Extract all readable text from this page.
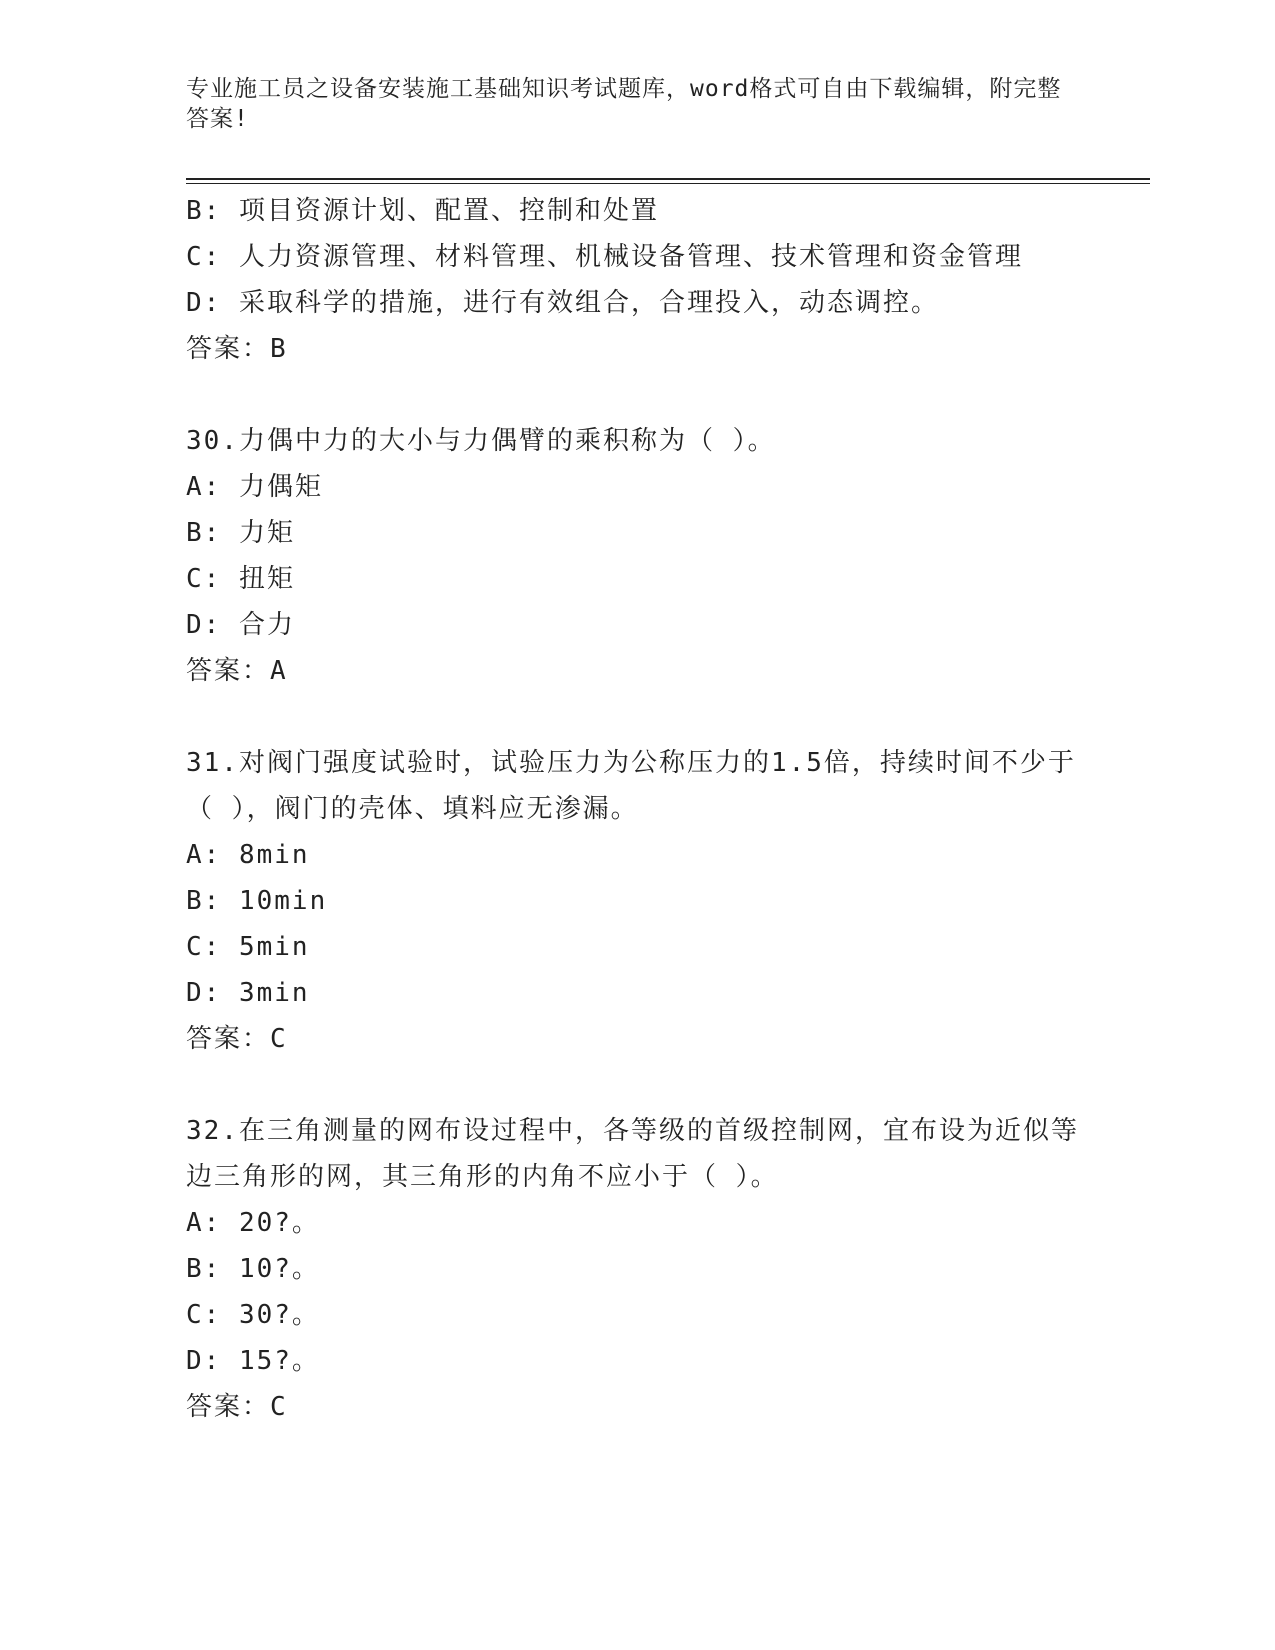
专业施工员之设备安装施工基础知识考试题库，word格式可自由下载编辑，附完整答案!
B: 项目资源计划、配置、控制和处置
C: 人力资源管理、材料管理、机械设备管理、技术管理和资金管理
D: 采取科学的措施，进行有效组合，合理投入，动态调控。
答案：B
30.力偶中力的大小与力偶臂的乘积称为（ ）。
A: 力偶矩
B: 力矩
C: 扭矩
D: 合力
答案：A
31.对阀门强度试验时，试验压力为公称压力的1.5倍，持续时间不少于（ ），阀门的壳体、填料应无渗漏。
A: 8min
B: 10min
C: 5min
D: 3min
答案：C
32.在三角测量的网布设过程中，各等级的首级控制网，宜布设为近似等边三角形的网，其三角形的内角不应小于（ ）。
A: 20?。
B: 10?。
C: 30?。
D: 15?。
答案：C
